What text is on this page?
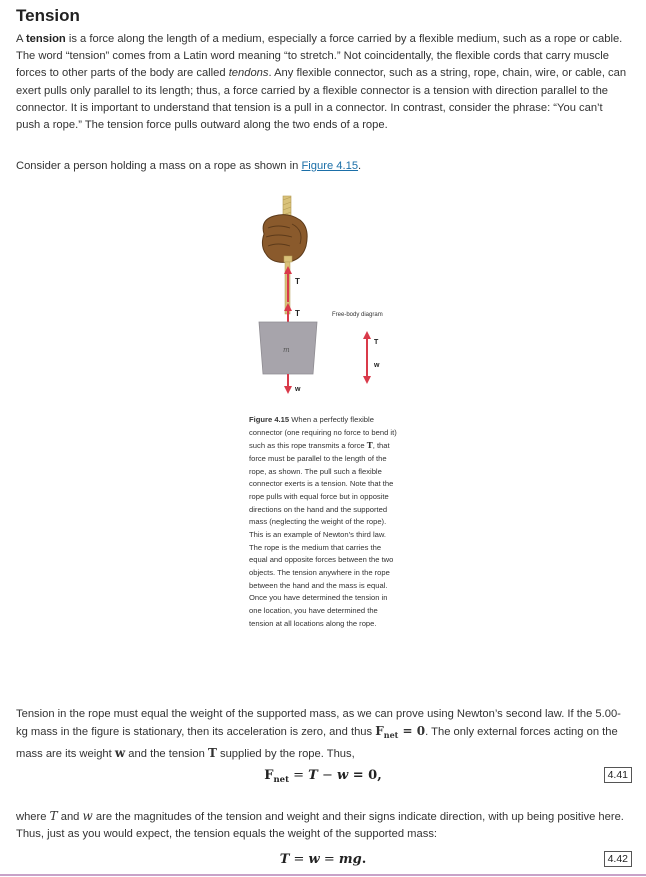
Tension

A tension is a force along the length of a medium, especially a force carried by a flexible medium, such as a rope or cable. The word “tension” comes from a Latin word meaning “to stretch.” Not coincidentally, the flexible cords that carry muscle forces to other parts of the body are called tendons. Any flexible connector, such as a string, rope, chain, wire, or cable, can exert pulls only parallel to its length; thus, a force carried by a flexible connector is a tension with direction parallel to the connector. It is important to understand that tension is a pull in a connector. In contrast, consider the phrase: “You can’t push a rope.” The tension force pulls outward along the two ends of a rope.

Consider a person holding a mass on a rope as shown in Figure 4.15.

T
T
m
w
Free-body diagram
T
w

Figure 4.15 When a perfectly flexible connector (one requiring no force to bend it) such as this rope transmits a force T, that force must be parallel to the length of the rope, as shown. The pull such a flexible connector exerts is a tension. Note that the rope pulls with equal force but in opposite directions on the hand and the supported mass (neglecting the weight of the rope). This is an example of Newton’s third law. The rope is the medium that carries the equal and opposite forces between the two objects. The tension anywhere in the rope between the hand and the mass is equal. Once you have determined the tension in one location, you have determined the tension at all locations along the rope.

Tension in the rope must equal the weight of the supported mass, as we can prove using Newton’s second law. If the 5.00-kg mass in the figure is stationary, then its acceleration is zero, and thus $F_{net} = 0$. The only external forces acting on the mass are its weight w and the tension T supplied by the rope. Thus,

$F_{net} = T - w = 0$,	4.41

where T and w are the magnitudes of the tension and weight and their signs indicate direction, with up being positive here. Thus, just as you would expect, the tension equals the weight of the supported mass:

T = w = mg.	4.42
